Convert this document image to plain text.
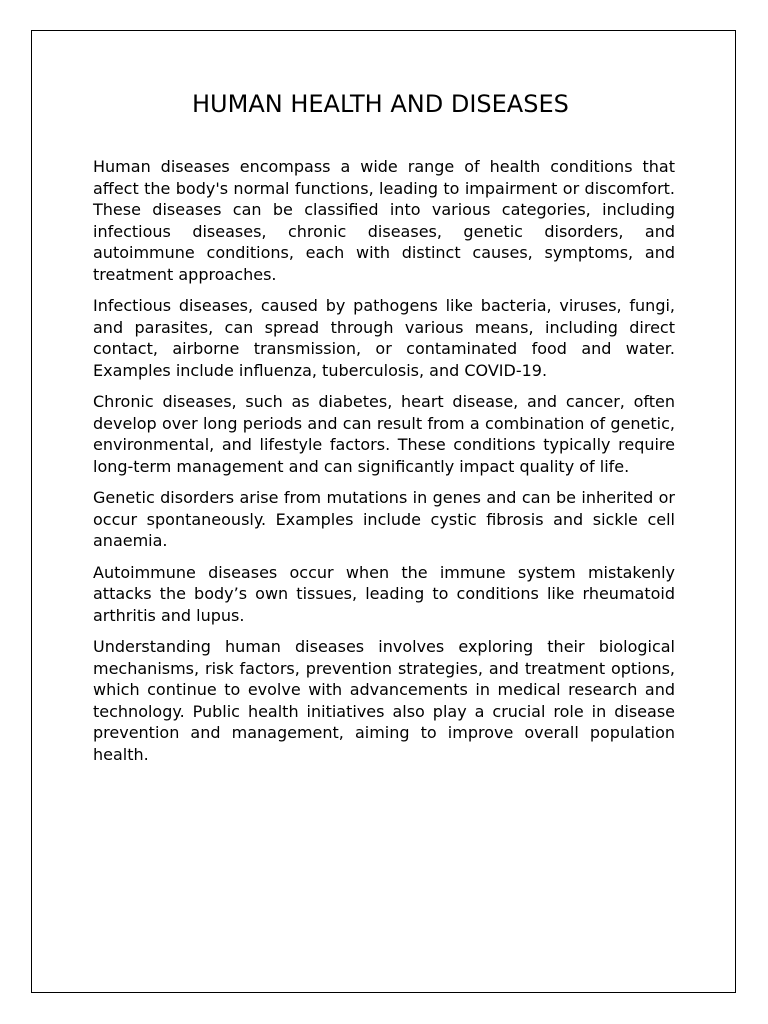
HUMAN HEALTH AND DISEASES

Human diseases encompass a wide range of health conditions that affect the body's normal functions, leading to impairment or discomfort. These diseases can be classified into various categories, including infectious diseases, chronic diseases, genetic disorders, and autoimmune conditions, each with distinct causes, symptoms, and treatment approaches.

Infectious diseases, caused by pathogens like bacteria, viruses, fungi, and parasites, can spread through various means, including direct contact, airborne transmission, or contaminated food and water. Examples include influenza, tuberculosis, and COVID-19.

Chronic diseases, such as diabetes, heart disease, and cancer, often develop over long periods and can result from a combination of genetic, environmental, and lifestyle factors. These conditions typically require long-term management and can significantly impact quality of life.

Genetic disorders arise from mutations in genes and can be inherited or occur spontaneously. Examples include cystic fibrosis and sickle cell anaemia.

Autoimmune diseases occur when the immune system mistakenly attacks the body’s own tissues, leading to conditions like rheumatoid arthritis and lupus.

Understanding human diseases involves exploring their biological mechanisms, risk factors, prevention strategies, and treatment options, which continue to evolve with advancements in medical research and technology. Public health initiatives also play a crucial role in disease prevention and management, aiming to improve overall population health.
